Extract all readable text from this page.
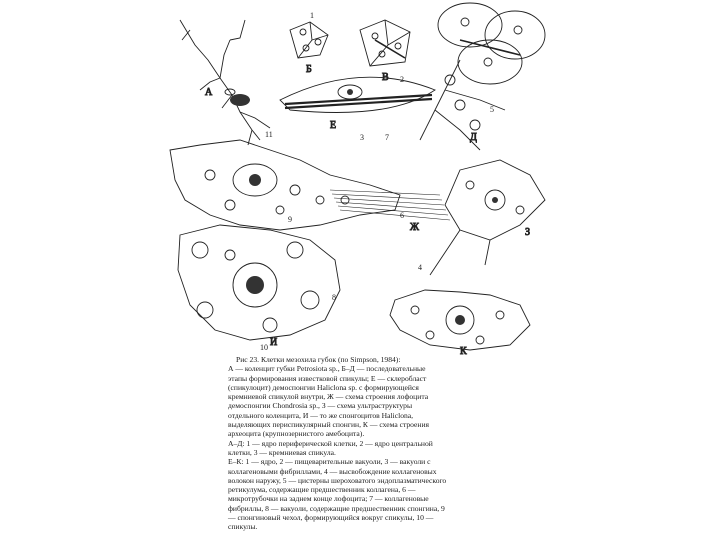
А
Б
В
Е
Д
Ж	З
И
К
1
2
3
4
5
6
7
8
9
10
11

Рис 23. Клетки мезохила губок (по Simpson, 1984):

А — коленцит губки Petrosiota sp., Б–Д — последовательные

этапы формирования известковой спикулы; Е — склеробласт

(спикулоцит) демоспонгии Haliclona sp. с формирующейся

кремниевой спикулой внутри, Ж — схема строения лофоцита

демоспонгии Chondrosia sp., З — схема ультраструктуры

отдельного коленцита, И — то же спонгоцитов Haliclona,

выделяющих периспикулярный спонгин, К — схема строения

археоцита (крупнозернистого амебоцита).

А–Д: 1 — ядро периферической клетки, 2 — ядро центральной

клетки, 3 — кремниевая спикула.

Е–К: 1 — ядро, 2 — пищеварительные вакуоли, 3 — вакуоли с

коллагеновыми фибриллами, 4 — высвобождение коллагеновых

волокон наружу, 5 — цистерны шероховатого эндоплазматического

ретикулума, содержащие предшественник коллагена, 6 —

микротрубочки на заднем конце лофоцита; 7 — коллагеновые

фибриллы, 8 — вакуоли, содержащие предшественник спонгина, 9

— спонгиновый чехол, формирующийся вокруг спикулы, 10 —

спикулы.
